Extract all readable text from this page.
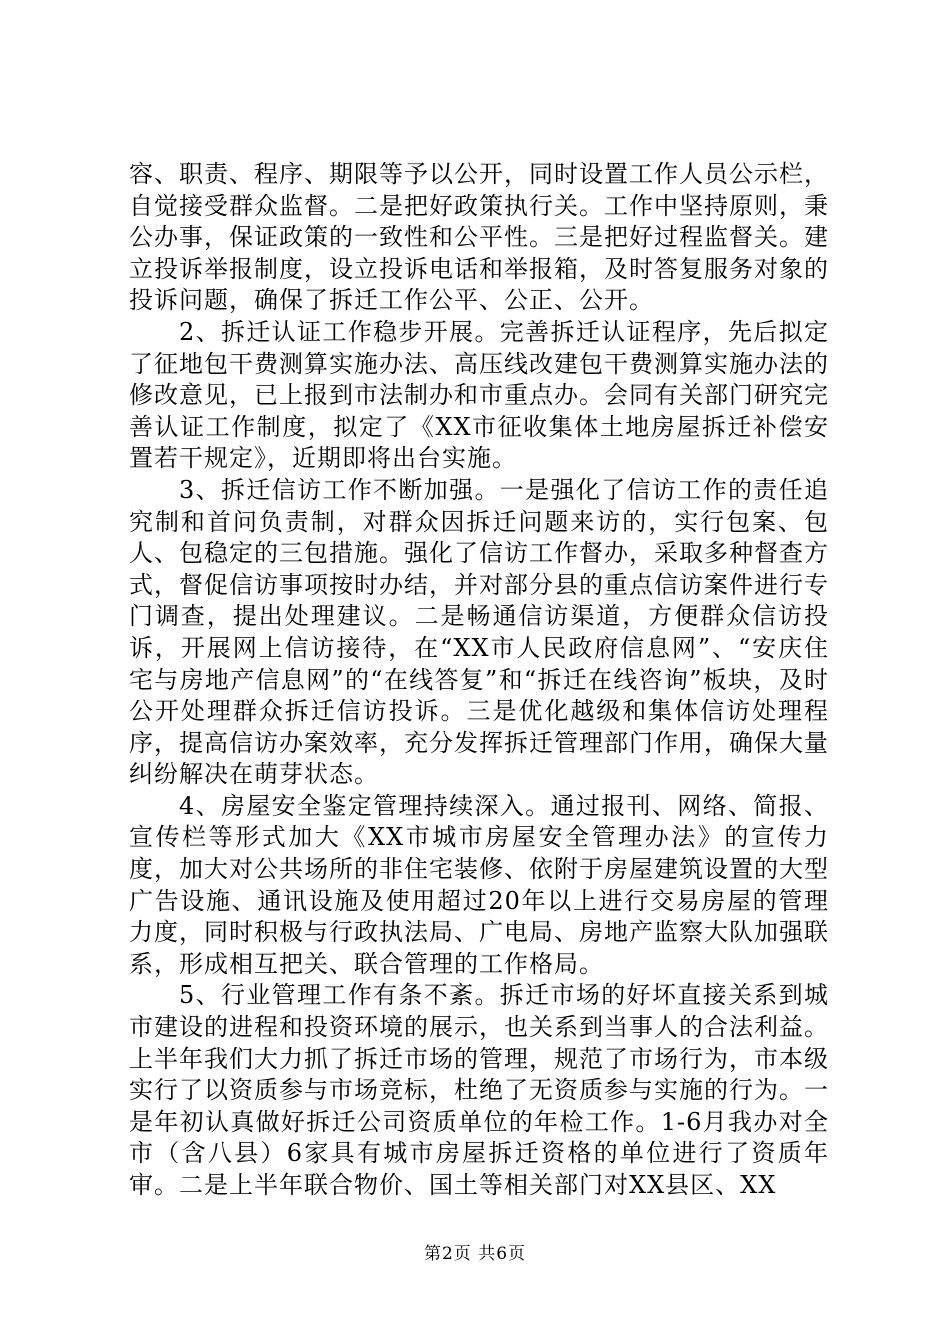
容、职责、程序、期限等予以公开，同时设置工作人员公示栏，自觉接受群众监督。二是把好政策执行关。工作中坚持原则，秉公办事，保证政策的一致性和公平性。三是把好过程监督关。建立投诉举报制度，设立投诉电话和举报箱，及时答复服务对象的投诉问题，确保了拆迁工作公平、公正、公开。

2、拆迁认证工作稳步开展。完善拆迁认证程序，先后拟定了征地包干费测算实施办法、高压线改建包干费测算实施办法的修改意见，已上报到市法制办和市重点办。会同有关部门研究完善认证工作制度，拟定了《XX市征收集体土地房屋拆迁补偿安置若干规定》，近期即将出台实施。

3、拆迁信访工作不断加强。一是强化了信访工作的责任追究制和首问负责制，对群众因拆迁问题来访的，实行包案、包人、包稳定的三包措施。强化了信访工作督办，采取多种督查方式，督促信访事项按时办结，并对部分县的重点信访案件进行专门调查，提出处理建议。二是畅通信访渠道，方便群众信访投诉，开展网上信访接待，在“XX市人民政府信息网”、“安庆住宅与房地产信息网”的“在线答复”和“拆迁在线咨询”板块，及时公开处理群众拆迁信访投诉。三是优化越级和集体信访处理程序，提高信访办案效率，充分发挥拆迁管理部门作用，确保大量纠纷解决在萌芽状态。

4、房屋安全鉴定管理持续深入。通过报刊、网络、简报、宣传栏等形式加大《XX市城市房屋安全管理办法》的宣传力度，加大对公共场所的非住宅装修、依附于房屋建筑设置的大型广告设施、通讯设施及使用超过20年以上进行交易房屋的管理力度，同时积极与行政执法局、广电局、房地产监察大队加强联系，形成相互把关、联合管理的工作格局。

5、行业管理工作有条不紊。拆迁市场的好坏直接关系到城市建设的进程和投资环境的展示，也关系到当事人的合法利益。上半年我们大力抓了拆迁市场的管理，规范了市场行为，市本级实行了以资质参与市场竞标，杜绝了无资质参与实施的行为。一是年初认真做好拆迁公司资质单位的年检工作。1-6月我办对全市（含八县）6家具有城市房屋拆迁资格的单位进行了资质年审。二是上半年联合物价、国土等相关部门对XX县区、XX

第2页 共6页
